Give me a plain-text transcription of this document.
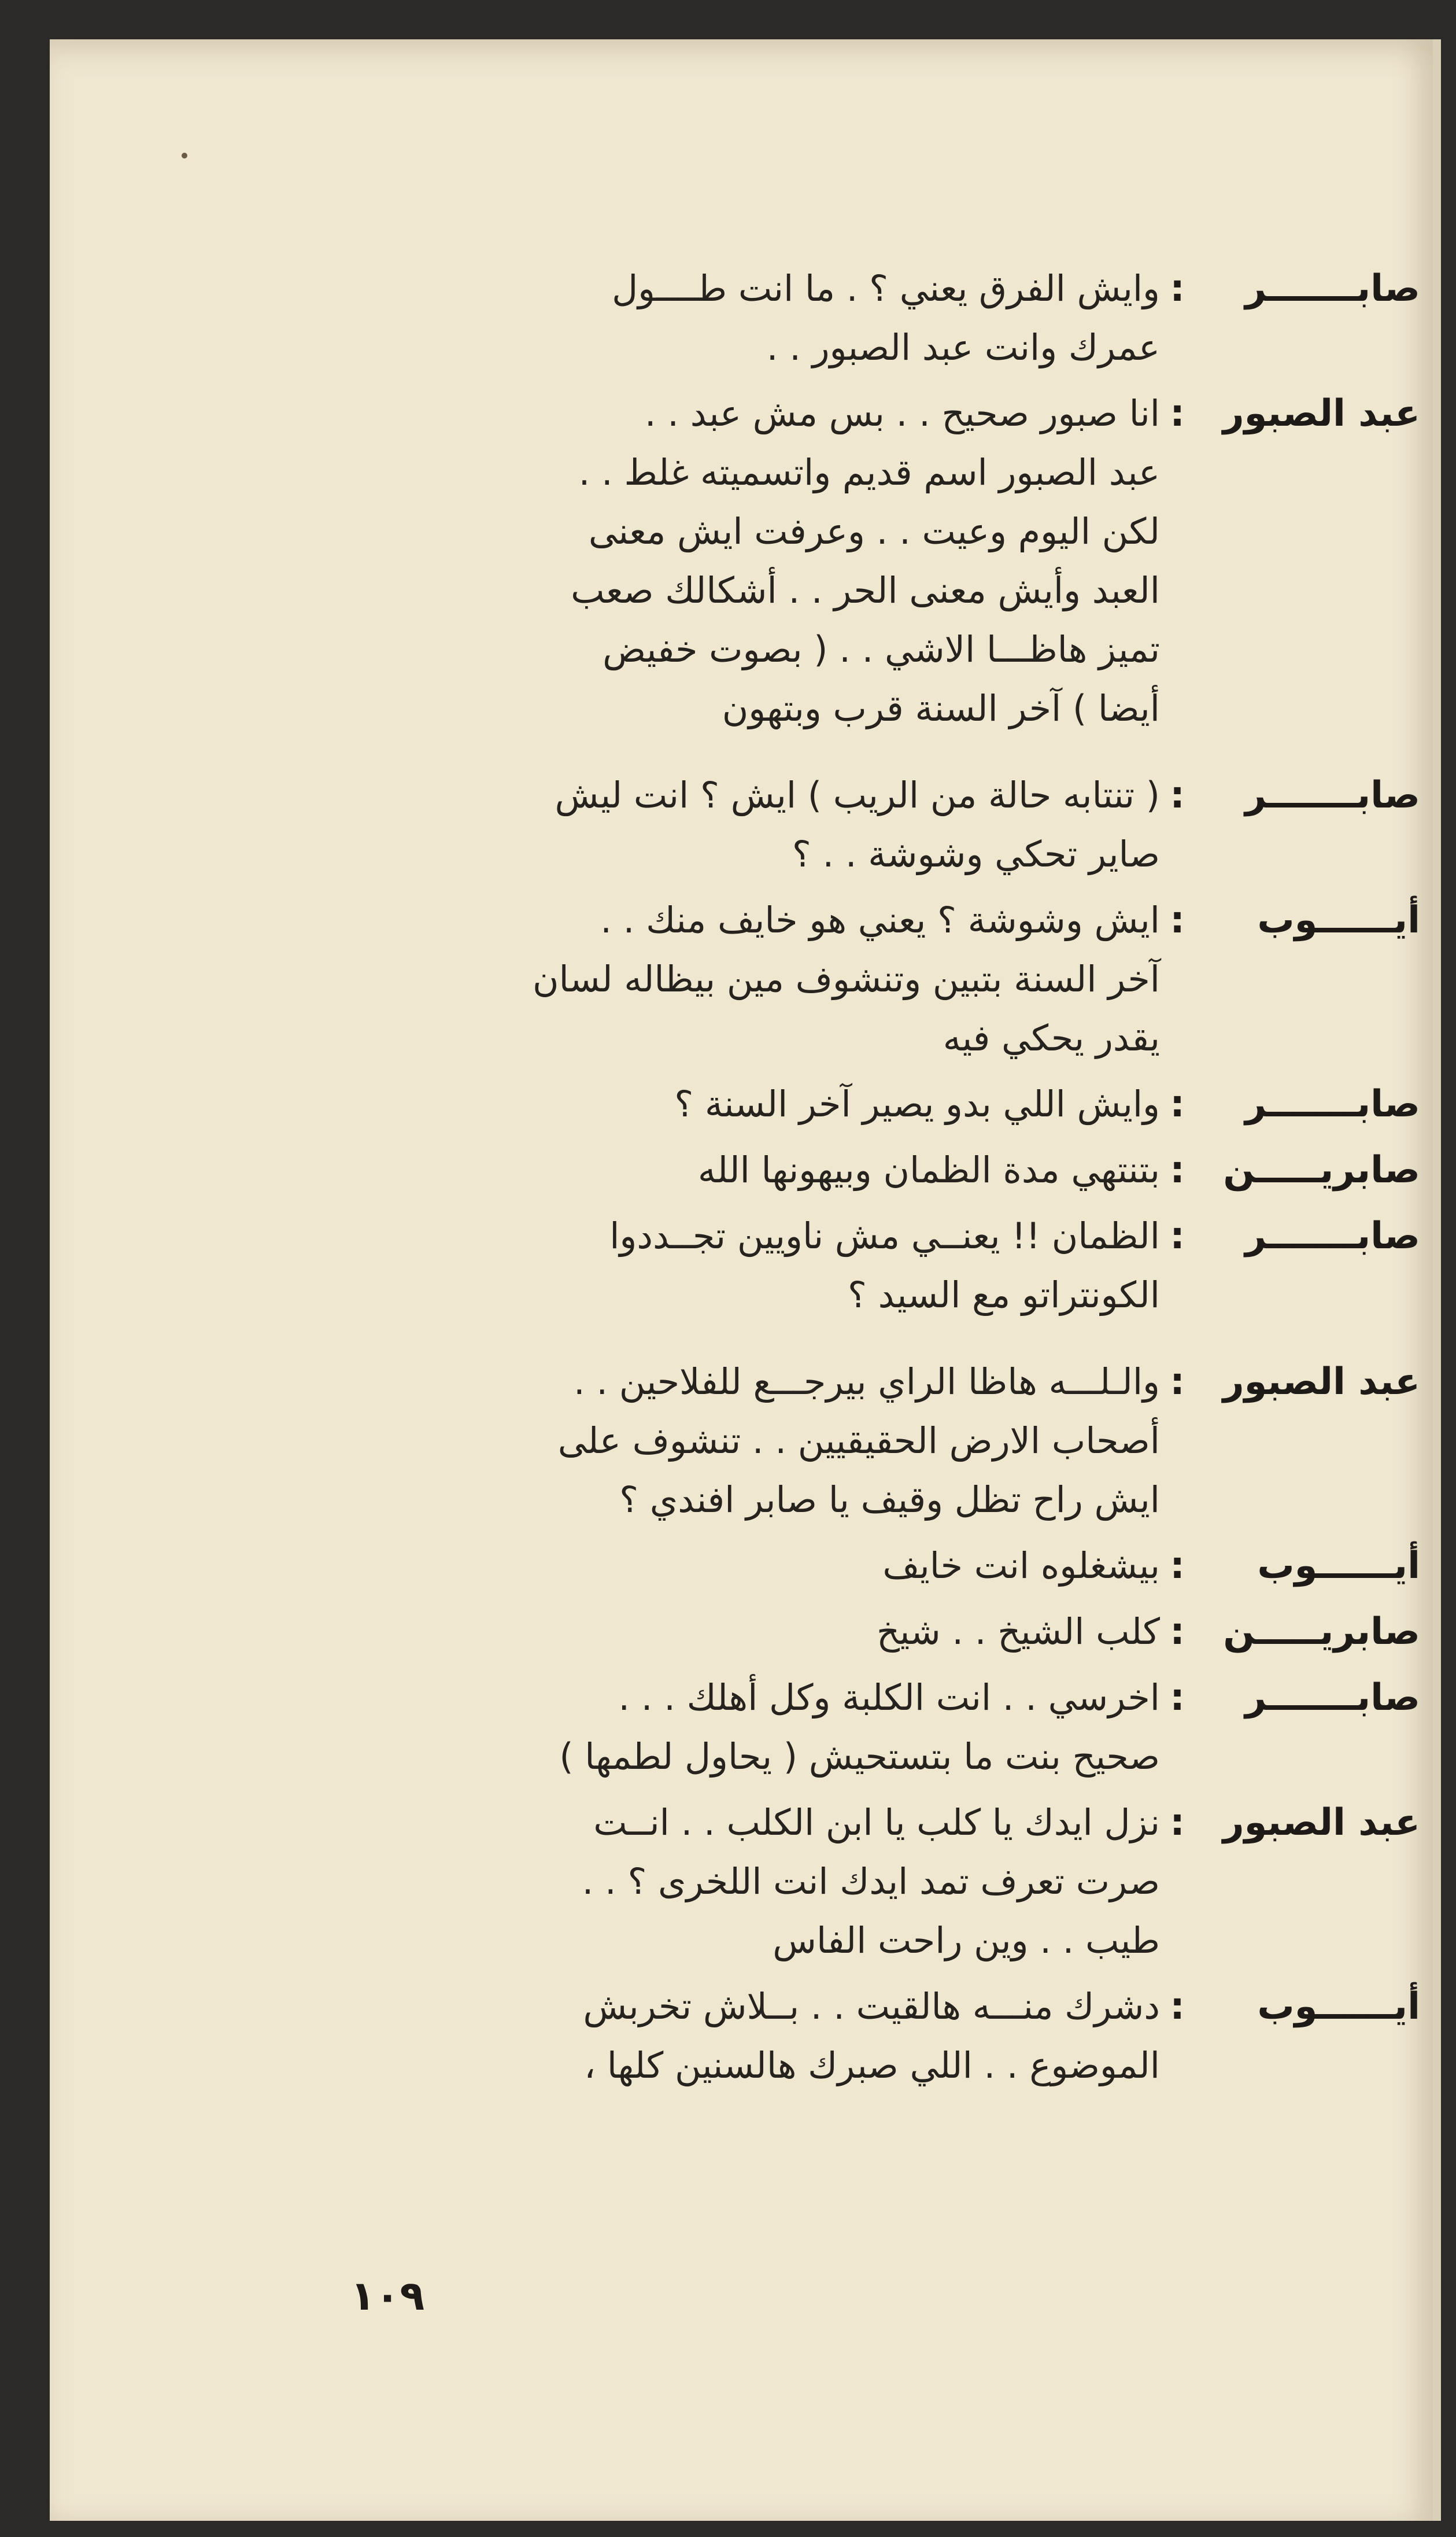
صابـــــــر
:
وايش الفرق يعني ؟ . ما انت طــــول
عمرك وانت عبد الصبور . .
عبد الصبور
:
انا صبور صحيح . . بس مش عبد . .
عبد الصبور اسم قديم واتسميته غلط . .
لكن اليوم وعيت . . وعرفت ايش معنى
العبد وأيش معنى الحر . . أشكالك صعب
تميز هاظـــا الاشي . . ( بصوت خفيض
أيضا ) آخر السنة قرب وبتهون
صابـــــــر
:
( تنتابه حالة من الريب ) ايش ؟ انت ليش
صاير تحكي وشوشة . . ؟
أيــــــوب
:
ايش وشوشة ؟ يعني هو خايف منك . .
آخر السنة بتبين وتنشوف مين بيظاله لسان
يقدر يحكي فيه
صابـــــــر
:
وايش اللي بدو يصير آخر السنة ؟
صابريـــــن
:
بتنتهي مدة الظمان وبيهونها الله
صابـــــــر
:
الظمان !! يعنــي مش ناويين تجــددوا
الكونتراتو مع السيد ؟
عبد الصبور
:
والـلـــه هاظا الراي بيرجـــع للفلاحين . .
أصحاب الارض الحقيقيين . . تنشوف على
ايش راح تظل وقيف يا صابر افندي ؟
أيــــــوب
:
بيشغلوه انت خايف
صابريـــــن
:
كلب الشيخ . . شيخ
صابـــــــر
:
اخرسي . . انت الكلبة وكل أهلك . . .
صحيح بنت ما بتستحيش ( يحاول لطمها )
عبد الصبور
:
نزل ايدك يا كلب يا ابن الكلب . . انــت
صرت تعرف تمد ايدك انت اللخرى ؟ . .
طيب . . وين راحت الفاس
أيــــــوب
:
دشرك منـــه هالقيت . . بــلاش تخربش
الموضوع . . اللي صبرك هالسنين كلها ،
١٠٩
